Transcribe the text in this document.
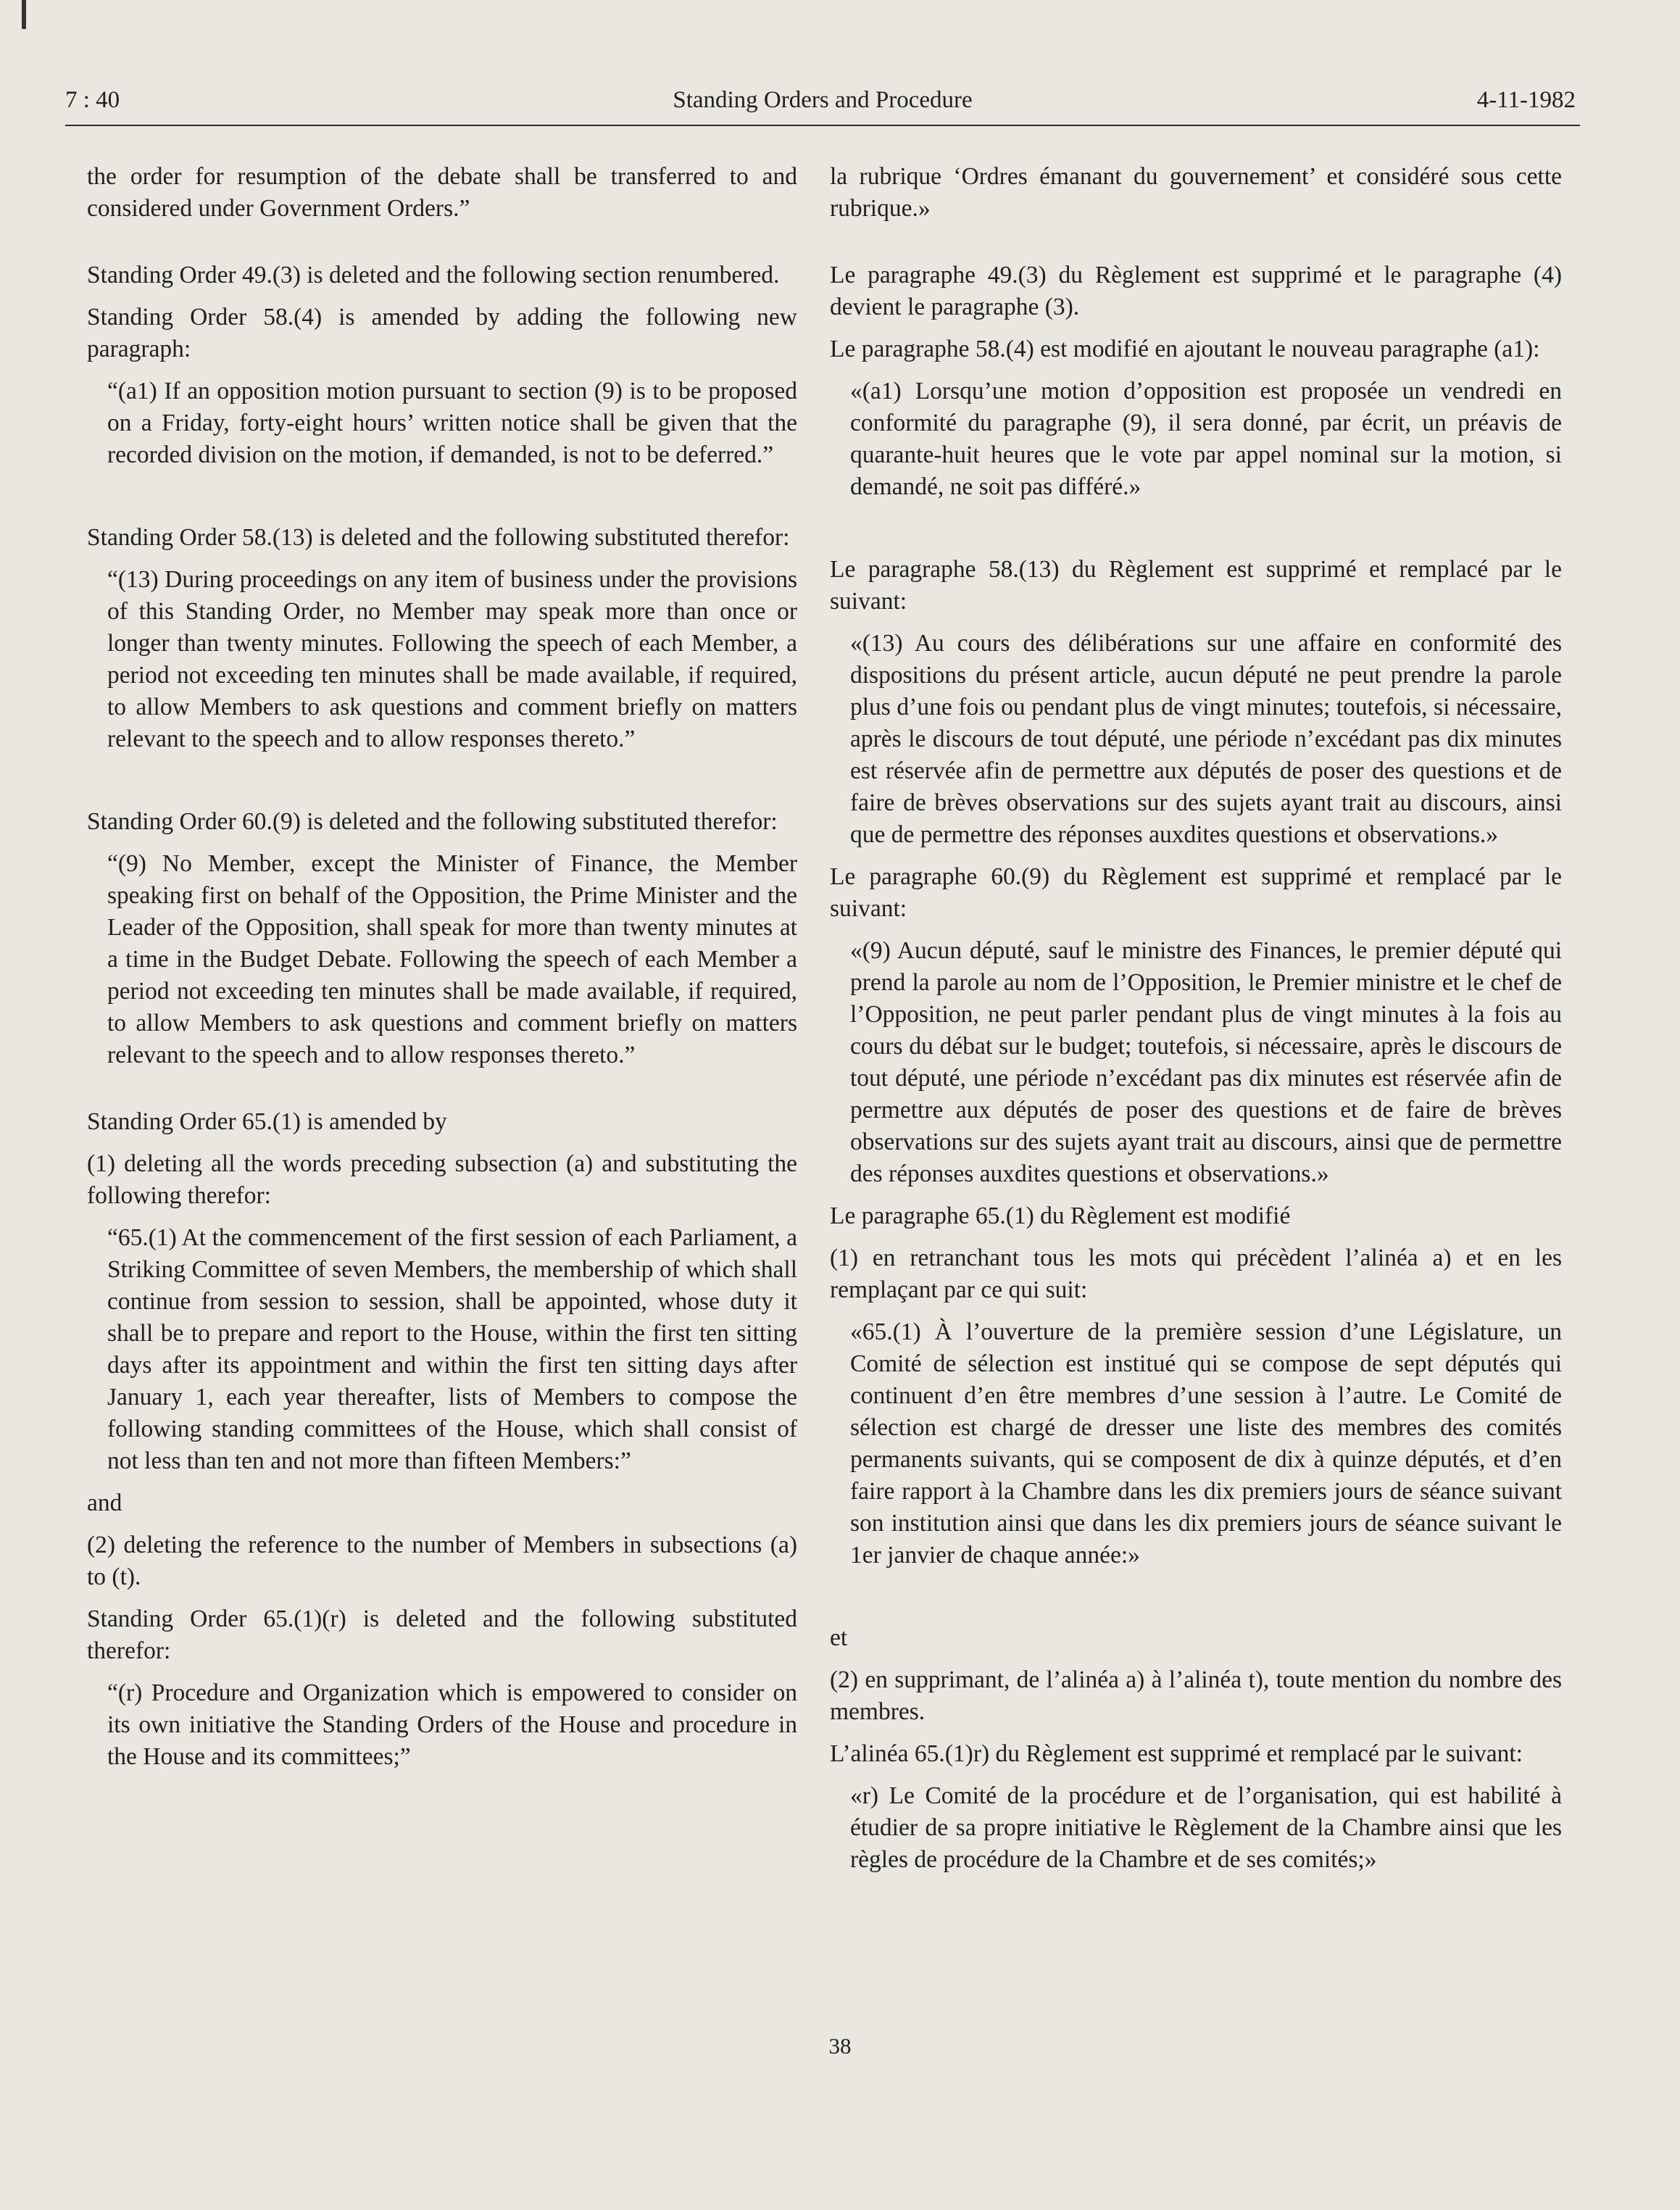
7 : 40	Standing Orders and Procedure	4-11-1982

the order for resumption of the debate shall be transferred to and considered under Government Orders.”

Standing Order 49.(3) is deleted and the following section renumbered.

Standing Order 58.(4) is amended by adding the following new paragraph:

“(a1) If an opposition motion pursuant to section (9) is to be proposed on a Friday, forty-eight hours’ written notice shall be given that the recorded division on the motion, if demanded, is not to be deferred.”

Standing Order 58.(13) is deleted and the following substituted therefor:

“(13) During proceedings on any item of business under the provisions of this Standing Order, no Member may speak more than once or longer than twenty minutes. Following the speech of each Member, a period not exceeding ten minutes shall be made available, if required, to allow Members to ask questions and comment briefly on matters relevant to the speech and to allow responses thereto.”

Standing Order 60.(9) is deleted and the following substituted therefor:

“(9) No Member, except the Minister of Finance, the Member speaking first on behalf of the Opposition, the Prime Minister and the Leader of the Opposition, shall speak for more than twenty minutes at a time in the Budget Debate. Following the speech of each Member a period not exceeding ten minutes shall be made available, if required, to allow Members to ask questions and comment briefly on matters relevant to the speech and to allow responses thereto.”

Standing Order 65.(1) is amended by

(1) deleting all the words preceding subsection (a) and substituting the following therefor:

“65.(1) At the commencement of the first session of each Parliament, a Striking Committee of seven Members, the membership of which shall continue from session to session, shall be appointed, whose duty it shall be to prepare and report to the House, within the first ten sitting days after its appointment and within the first ten sitting days after January 1, each year thereafter, lists of Members to compose the following standing committees of the House, which shall consist of not less than ten and not more than fifteen Members:”

and

(2) deleting the reference to the number of Members in subsections (a) to (t).

Standing Order 65.(1)(r) is deleted and the following substituted therefor:

“(r) Procedure and Organization which is empowered to consider on its own initiative the Standing Orders of the House and procedure in the House and its committees;”

la rubrique ‘Ordres émanant du gouvernement’ et considéré sous cette rubrique.»

Le paragraphe 49.(3) du Règlement est supprimé et le paragraphe (4) devient le paragraphe (3).

Le paragraphe 58.(4) est modifié en ajoutant le nouveau paragraphe (a1):

«(a1) Lorsqu’une motion d’opposition est proposée un vendredi en conformité du paragraphe (9), il sera donné, par écrit, un préavis de quarante-huit heures que le vote par appel nominal sur la motion, si demandé, ne soit pas différé.»

Le paragraphe 58.(13) du Règlement est supprimé et remplacé par le suivant:

«(13) Au cours des délibérations sur une affaire en conformité des dispositions du présent article, aucun député ne peut prendre la parole plus d’une fois ou pendant plus de vingt minutes; toutefois, si nécessaire, après le discours de tout député, une période n’excédant pas dix minutes est réservée afin de permettre aux députés de poser des questions et de faire de brèves observations sur des sujets ayant trait au discours, ainsi que de permettre des réponses auxdites questions et observations.»

Le paragraphe 60.(9) du Règlement est supprimé et remplacé par le suivant:

«(9) Aucun député, sauf le ministre des Finances, le premier député qui prend la parole au nom de l’Opposition, le Premier ministre et le chef de l’Opposition, ne peut parler pendant plus de vingt minutes à la fois au cours du débat sur le budget; toutefois, si nécessaire, après le discours de tout député, une période n’excédant pas dix minutes est réservée afin de permettre aux députés de poser des questions et de faire de brèves observations sur des sujets ayant trait au discours, ainsi que de permettre des réponses auxdites questions et observations.»

Le paragraphe 65.(1) du Règlement est modifié

(1) en retranchant tous les mots qui précèdent l’alinéa a) et en les remplaçant par ce qui suit:

«65.(1) À l’ouverture de la première session d’une Législature, un Comité de sélection est institué qui se compose de sept députés qui continuent d’en être membres d’une session à l’autre. Le Comité de sélection est chargé de dresser une liste des membres des comités permanents suivants, qui se composent de dix à quinze députés, et d’en faire rapport à la Chambre dans les dix premiers jours de séance suivant son institution ainsi que dans les dix premiers jours de séance suivant le 1er janvier de chaque année:»

et

(2) en supprimant, de l’alinéa a) à l’alinéa t), toute mention du nombre des membres.

L’alinéa 65.(1)r) du Règlement est supprimé et remplacé par le suivant:

«r) Le Comité de la procédure et de l’organisation, qui est habilité à étudier de sa propre initiative le Règlement de la Chambre ainsi que les règles de procédure de la Chambre et de ses comités;»

38
